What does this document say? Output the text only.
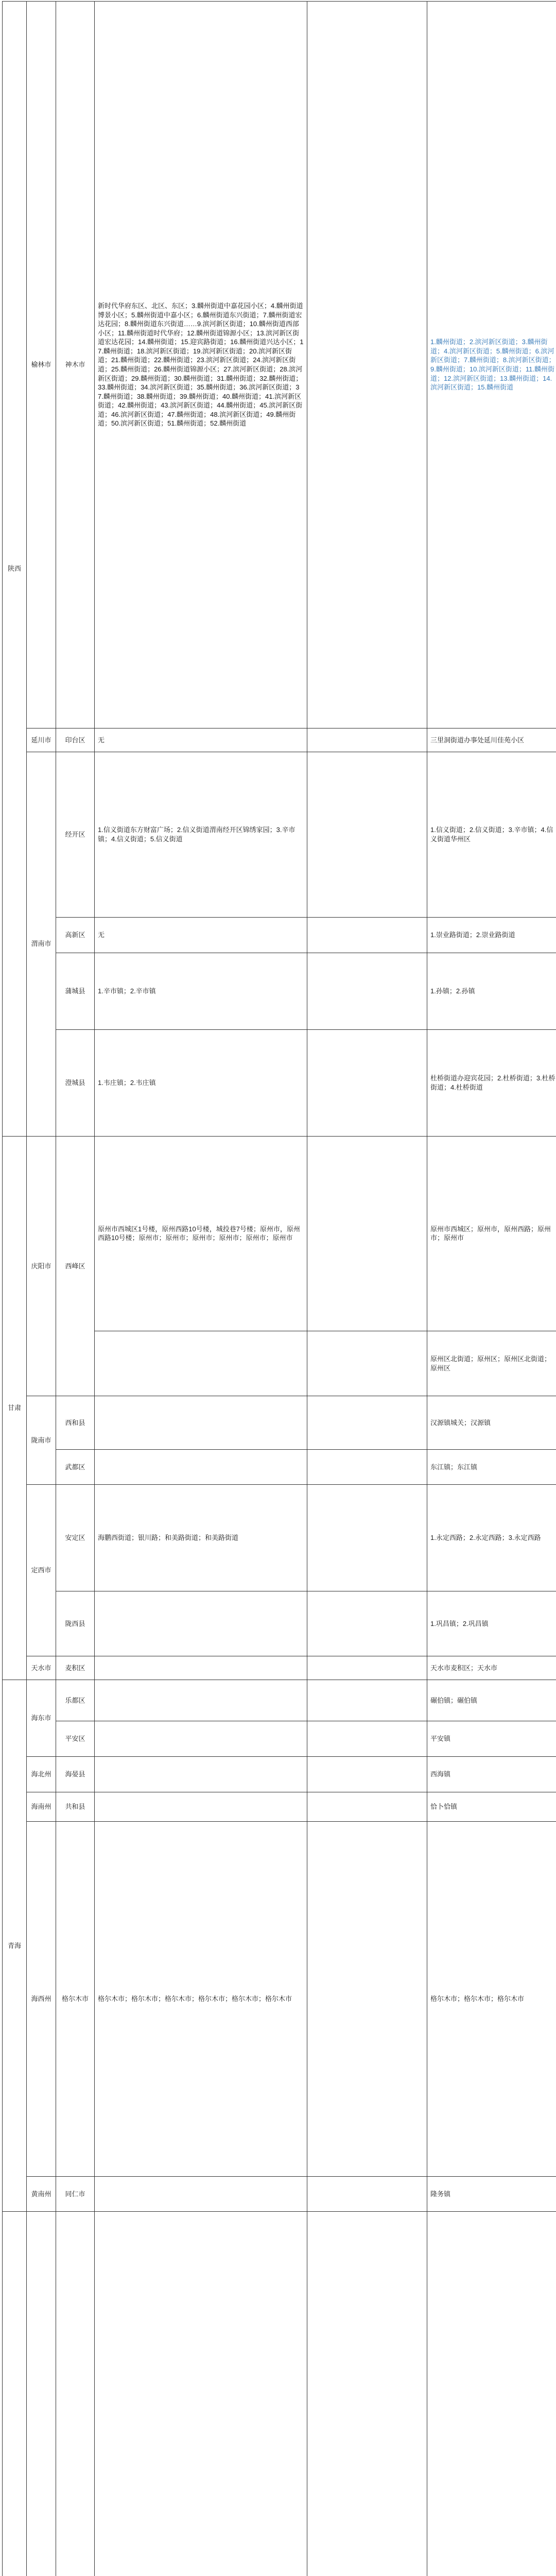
陕西	榆林市	神木市	新时代华府东区、北区、东区；3.麟州街道中嘉花园小区；4.麟州街道博景小区；5.麟州街道中嘉小区；6.麟州街道东兴街道；7.麟州街道宏达花园；8.麟州街道东兴街道……9.滨河新区街道；10.麟州街道西部小区；11.麟州街道时代华府；12.麟州街道锦源小区；13.滨河新区街道宏达花园；14.麟州街道；15.迎宾路街道；16.麟州街道兴达小区；17.麟州街道；18.滨河新区街道；19.滨河新区街道；20.滨河新区街道；21.麟州街道；22.麟州街道；23.滨河新区街道；24.滨河新区街道；25.麟州街道；26.麟州街道锦源小区；27.滨河新区街道；28.滨河新区街道；29.麟州街道；30.麟州街道；31.麟州街道；32.麟州街道；33.麟州街道；34.滨河新区街道；35.麟州街道；36.滨河新区街道；37.麟州街道；38.麟州街道；39.麟州街道；40.麟州街道；41.滨河新区街道；42.麟州街道；43.滨河新区街道；44.麟州街道；45.滨河新区街道；46.滨河新区街道；47.麟州街道；48.滨河新区街道；49.麟州街道；50.滨河新区街道；51.麟州街道；52.麟州街道		1.麟州街道；2.滨河新区街道；3.麟州街道；4.滨河新区街道；5.麟州街道；6.滨河新区街道；7.麟州街道；8.滨河新区街道；9.麟州街道；10.滨河新区街道；11.麟州街道；12.滨河新区街道；13.麟州街道；14.滨河新区街道；15.麟州街道
	延川市	印台区	无		三里洞街道办事处延川佳苑小区
	渭南市	经开区	1.信义街道东方财富广场；2.信义街道渭南经开区锦绣家园；3.辛市镇；4.信义街道；5.信义街道		1.信义街道；2.信义街道；3.辛市镇；4.信义街道华州区
		高新区	无		1.崇业路街道；2.崇业路街道
		蒲城县	1.辛市镇；2.辛市镇		1.孙镇；2.孙镇
		澄城县	1.韦庄镇；2.韦庄镇		杜桥街道办迎宾花园；2.杜桥街道；3.杜桥街道；4.杜桥街道
甘肃	庆阳市	西峰区	原州市西城区1号楼，原州西路10号楼，城投巷7号楼；原州市，原州西路10号楼；原州市；原州市；原州市；原州市；原州市；原州市		原州市西城区；原州市，原州西路；原州市；原州市
					原州区北街道；原州区；原州区北街道；原州区
	陇南市	西和县			汉源镇城关；汉源镇
		武都区			东江镇；东江镇
	定西市	安定区	海鹏西街道；银川路；和美路街道；和美路街道		1.永定西路；2.永定西路；3.永定西路
		陇西县			1.巩昌镇；2.巩昌镇
	天水市	麦积区			天水市麦积区；天水市
青海	海东市	乐都区			碾伯镇；碾伯镇
		平安区			平安镇
	海北州	海晏县			西海镇
	海南州	共和县			恰卜恰镇
	海西州	格尔木市	格尔木市；格尔木市；格尔木市；格尔木市；格尔木市；格尔木市		格尔木市；格尔木市；格尔木市
	黄南州	同仁市			隆务镇
